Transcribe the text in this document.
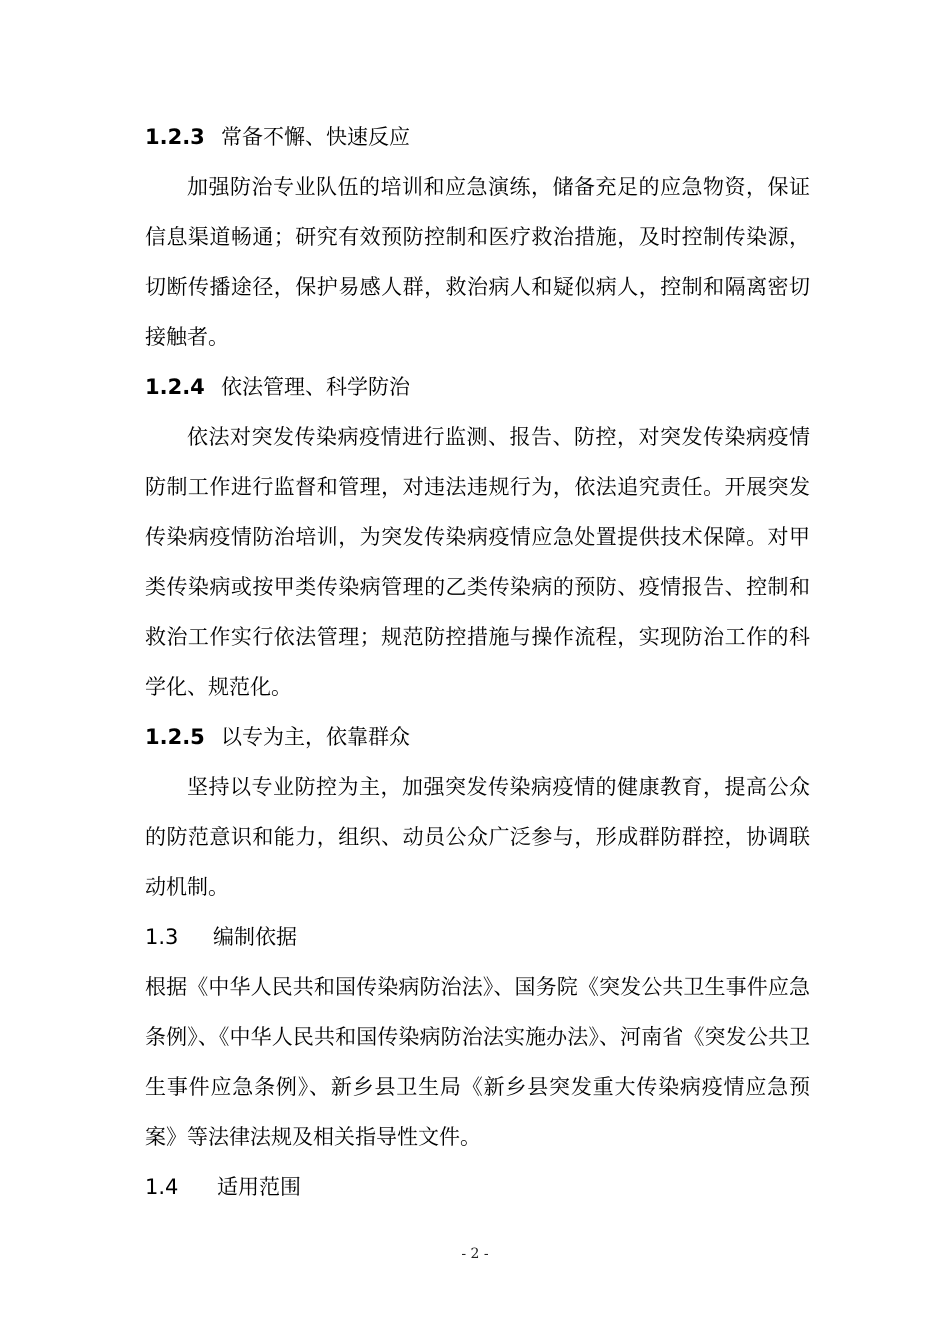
1.2.3 常备不懈、快速反应

加强防治专业队伍的培训和应急演练，储备充足的应急物资，保证信息渠道畅通；研究有效预防控制和医疗救治措施，及时控制传染源，切断传播途径，保护易感人群，救治病人和疑似病人，控制和隔离密切接触者。

1.2.4 依法管理、科学防治

依法对突发传染病疫情进行监测、报告、防控，对突发传染病疫情防制工作进行监督和管理，对违法违规行为，依法追究责任。开展突发传染病疫情防治培训，为突发传染病疫情应急处置提供技术保障。对甲类传染病或按甲类传染病管理的乙类传染病的预防、疫情报告、控制和救治工作实行依法管理；规范防控措施与操作流程，实现防治工作的科学化、规范化。

1.2.5 以专为主，依靠群众

坚持以专业防控为主，加强突发传染病疫情的健康教育，提高公众的防范意识和能力，组织、动员公众广泛参与，形成群防群控，协调联动机制。

1.3 编制依据

根据《中华人民共和国传染病防治法》、国务院《突发公共卫生事件应急条例》、《中华人民共和国传染病防治法实施办法》、河南省《突发公共卫生事件应急条例》、新乡县卫生局《新乡县突发重大传染病疫情应急预案》等法律法规及相关指导性文件。

1.4 适用范围
- 2 -
